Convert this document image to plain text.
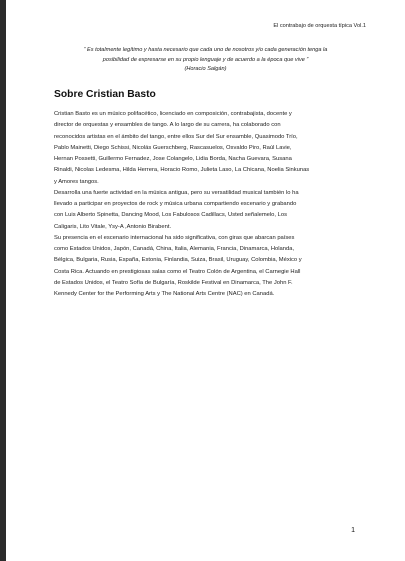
El contrabajo de orquesta típica Vol.1
“ Es totalmente legítimo y hasta necesario que cada uno de nosotros y/o cada generación tenga la
posibilidad de expresarse en su propio lenguaje y de acuerdo a la época que vive ”
(Horacio Salgán)
Sobre Cristian Basto
Cristian Basto es un músico polifacético, licenciado en composición, contrabajista, docente y
director de orquestas y ensambles de tango. A lo largo de su carrera, ha colaborado con
reconocidos artistas en el ámbito del tango, entre ellos Sur del Sur ensamble, Quasimodo Trío,
Pablo Mainetti, Diego Schissi, Nicolás Guerschberg, Rascasuelos, Osvaldo Piro, Raúl Lavie,
Hernan Possetti, Guillermo Fernadez, Jose Colangelo, Lidia Borda, Nacha Guevara, Susana
Rinaldi, Nicolas Ledesma, Hilda Herrera, Horacio Romo, Julieta Laso, La Chicana, Noelia Sinkunas
y Amores tangos.
Desarrolla una fuerte actividad en la música antigua, pero su versatilidad musical también lo ha
llevado a participar en proyectos de rock y música urbana compartiendo escenario y grabando
con Luis Alberto Spinetta, Dancing Mood, Los Fabulosos Cadillacs, Usted señalemelo, Los
Caligaris, Lito Vitale, Ysy-A ,Antonio Birabent.
Su presencia en el escenario internacional ha sido significativa, con giras que abarcan países
como Estados Unidos, Japón, Canadá, China, Italia, Alemania, Francia, Dinamarca, Holanda,
Bélgica, Bulgaria, Rusia, España, Estonia, Finlandia, Suiza, Brasil, Uruguay, Colombia, México y
Costa Rica. Actuando en prestigiosas salas como el Teatro Colón de Argentina, el Carnegie Hall
de Estados Unidos, el Teatro Sofía de Bulgaría, Roskilde Festival en Dinamarca, The John F.
Kennedy Center for the Performing Arts y The National Arts Centre (NAC) en Canadá.
1
